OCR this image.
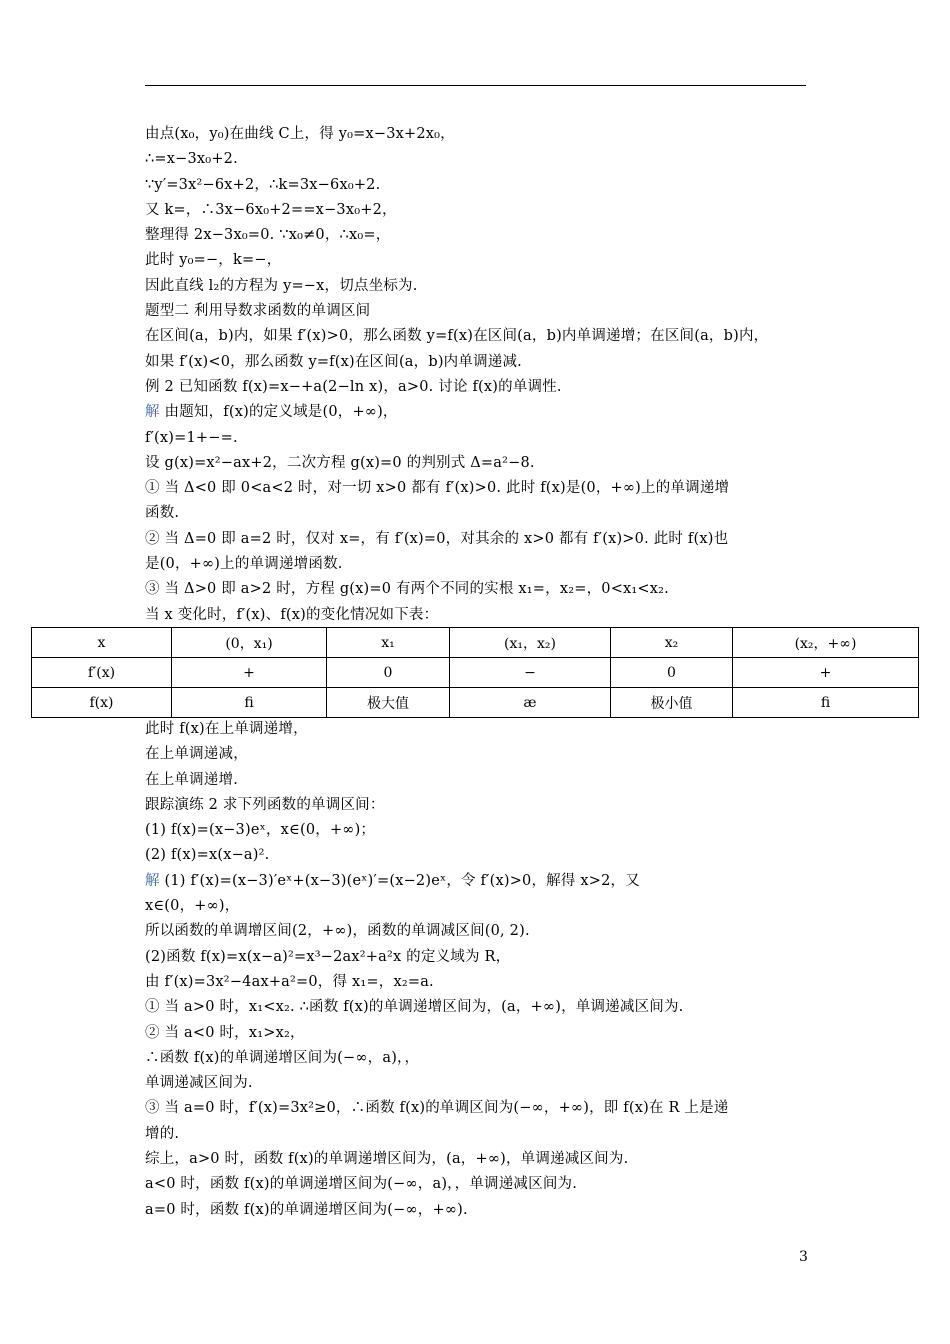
由点(x₀，y₀)在曲线 C上，得 y₀=x−3x+2x₀，
∴=x−3x₀+2.
∵y′=3x²−6x+2，∴k=3x−6x₀+2.
又 k=，∴3x−6x₀+2==x−3x₀+2，
整理得 2x−3x₀=0. ∵x₀≠0，∴x₀=，
此时 y₀=−，k=−，
因此直线 l₂的方程为 y=−x，切点坐标为.
题型二 利用导数求函数的单调区间
在区间(a，b)内，如果 f′(x)>0，那么函数 y=f(x)在区间(a，b)内单调递增；在区间(a，b)内，
如果 f′(x)<0，那么函数 y=f(x)在区间(a，b)内单调递减.
例 2 已知函数 f(x)=x−+a(2−ln x)，a>0. 讨论 f(x)的单调性.
解 由题知，f(x)的定义域是(0，+∞)，
f′(x)=1+−=.
设 g(x)=x²−ax+2，二次方程 g(x)=0 的判别式 Δ=a²−8.
① 当 Δ<0 即 0<a<2 时，对一切 x>0 都有 f′(x)>0. 此时 f(x)是(0，+∞)上的单调递增
函数.
② 当 Δ=0 即 a=2 时，仅对 x=，有 f′(x)=0，对其余的 x>0 都有 f′(x)>0. 此时 f(x)也
是(0，+∞)上的单调递增函数.
③ 当 Δ>0 即 a>2 时，方程 g(x)=0 有两个不同的实根 x₁=，x₂=，0<x₁<x₂.
当 x 变化时，f′(x)、f(x)的变化情况如下表：
x	(0，x₁)	x₁	(x₁，x₂)	x₂	(x₂，+∞)
f′(x)	+	0	−	0	+
f(x)	ﬁ	极大值	æ	极小值	ﬁ
此时 f(x)在上单调递增，
在上单调递减，
在上单调递增.
跟踪演练 2 求下列函数的单调区间：
(1) f(x)=(x−3)eˣ，x∈(0，+∞)；
(2) f(x)=x(x−a)².
解 (1) f′(x)=(x−3)′eˣ+(x−3)(eˣ)′=(x−2)eˣ，令 f′(x)>0，解得 x>2，又
x∈(0，+∞)，
所以函数的单调增区间(2，+∞)，函数的单调减区间(0, 2).
(2)函数 f(x)=x(x−a)²=x³−2ax²+a²x 的定义域为 R，
由 f′(x)=3x²−4ax+a²=0，得 x₁=，x₂=a.
① 当 a>0 时，x₁<x₂. ∴函数 f(x)的单调递增区间为，(a，+∞)，单调递减区间为.
② 当 a<0 时，x₁>x₂，
∴函数 f(x)的单调递增区间为(−∞，a)，，
单调递减区间为.
③ 当 a=0 时，f′(x)=3x²≥0，∴函数 f(x)的单调区间为(−∞，+∞)，即 f(x)在 R 上是递
增的.
综上，a>0 时，函数 f(x)的单调递增区间为，(a，+∞)，单调递减区间为.
a<0 时，函数 f(x)的单调递增区间为(−∞，a)，，单调递减区间为.
a=0 时，函数 f(x)的单调递增区间为(−∞，+∞).
3
